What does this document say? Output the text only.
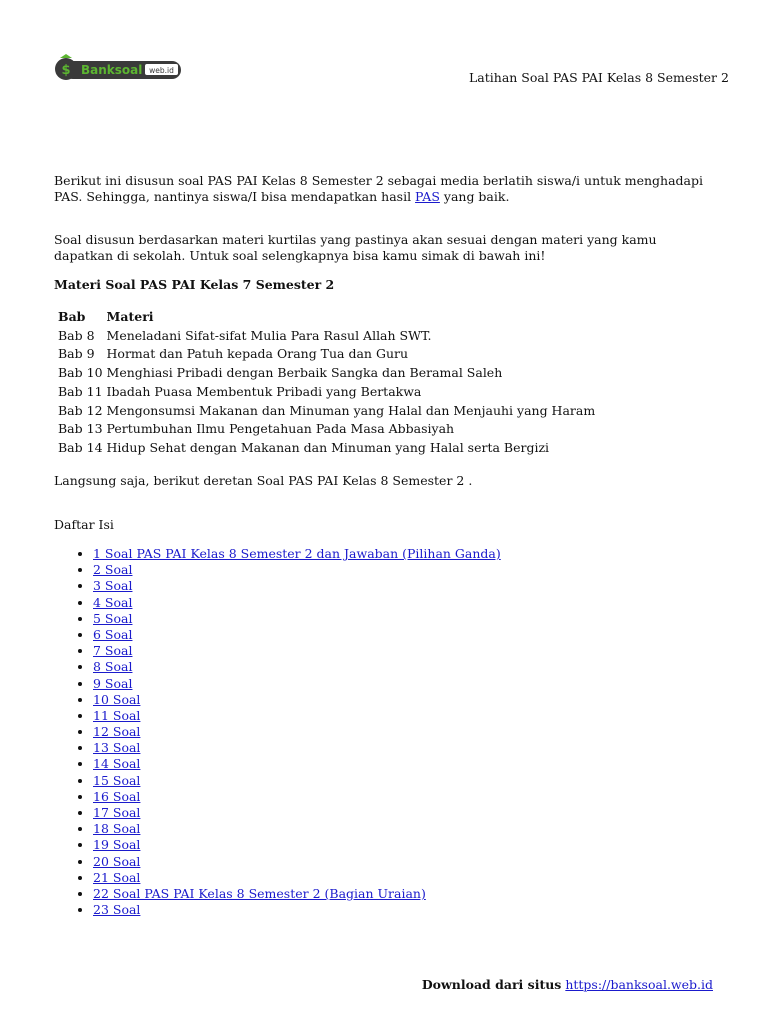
$ Banksoal web.id	Latihan Soal PAS PAI Kelas 8 Semester 2

Berikut ini disusun soal PAS PAI Kelas 8 Semester 2 sebagai media berlatih siswa/i untuk menghadapi PAS. Sehingga, nantinya siswa/I bisa mendapatkan hasil PAS yang baik.

Soal disusun berdasarkan materi kurtilas yang pastinya akan sesuai dengan materi yang kamu dapatkan di sekolah. Untuk soal selengkapnya bisa kamu simak di bawah ini!

Materi Soal PAS PAI Kelas 7 Semester 2
Bab	Materi
Bab 8	Meneladani Sifat-sifat Mulia Para Rasul Allah SWT.
Bab 9	Hormat dan Patuh kepada Orang Tua dan Guru
Bab 10	Menghiasi Pribadi dengan Berbaik Sangka dan Beramal Saleh
Bab 11	Ibadah Puasa Membentuk Pribadi yang Bertakwa
Bab 12	Mengonsumsi Makanan dan Minuman yang Halal dan Menjauhi yang Haram
Bab 13	Pertumbuhan Ilmu Pengetahuan Pada Masa Abbasiyah
Bab 14	Hidup Sehat dengan Makanan dan Minuman yang Halal serta Bergizi
Langsung saja, berikut deretan Soal PAS PAI Kelas 8 Semester 2 .
Daftar Isi
• 1 Soal PAS PAI Kelas 8 Semester 2 dan Jawaban (Pilihan Ganda)
• 2 Soal
• 3 Soal
• 4 Soal
• 5 Soal
• 6 Soal
• 7 Soal
• 8 Soal
• 9 Soal
• 10 Soal
• 11 Soal
• 12 Soal
• 13 Soal
• 14 Soal
• 15 Soal
• 16 Soal
• 17 Soal
• 18 Soal
• 19 Soal
• 20 Soal
• 21 Soal
• 22 Soal PAS PAI Kelas 8 Semester 2 (Bagian Uraian)
• 23 Soal
Download dari situs https://banksoal.web.id
